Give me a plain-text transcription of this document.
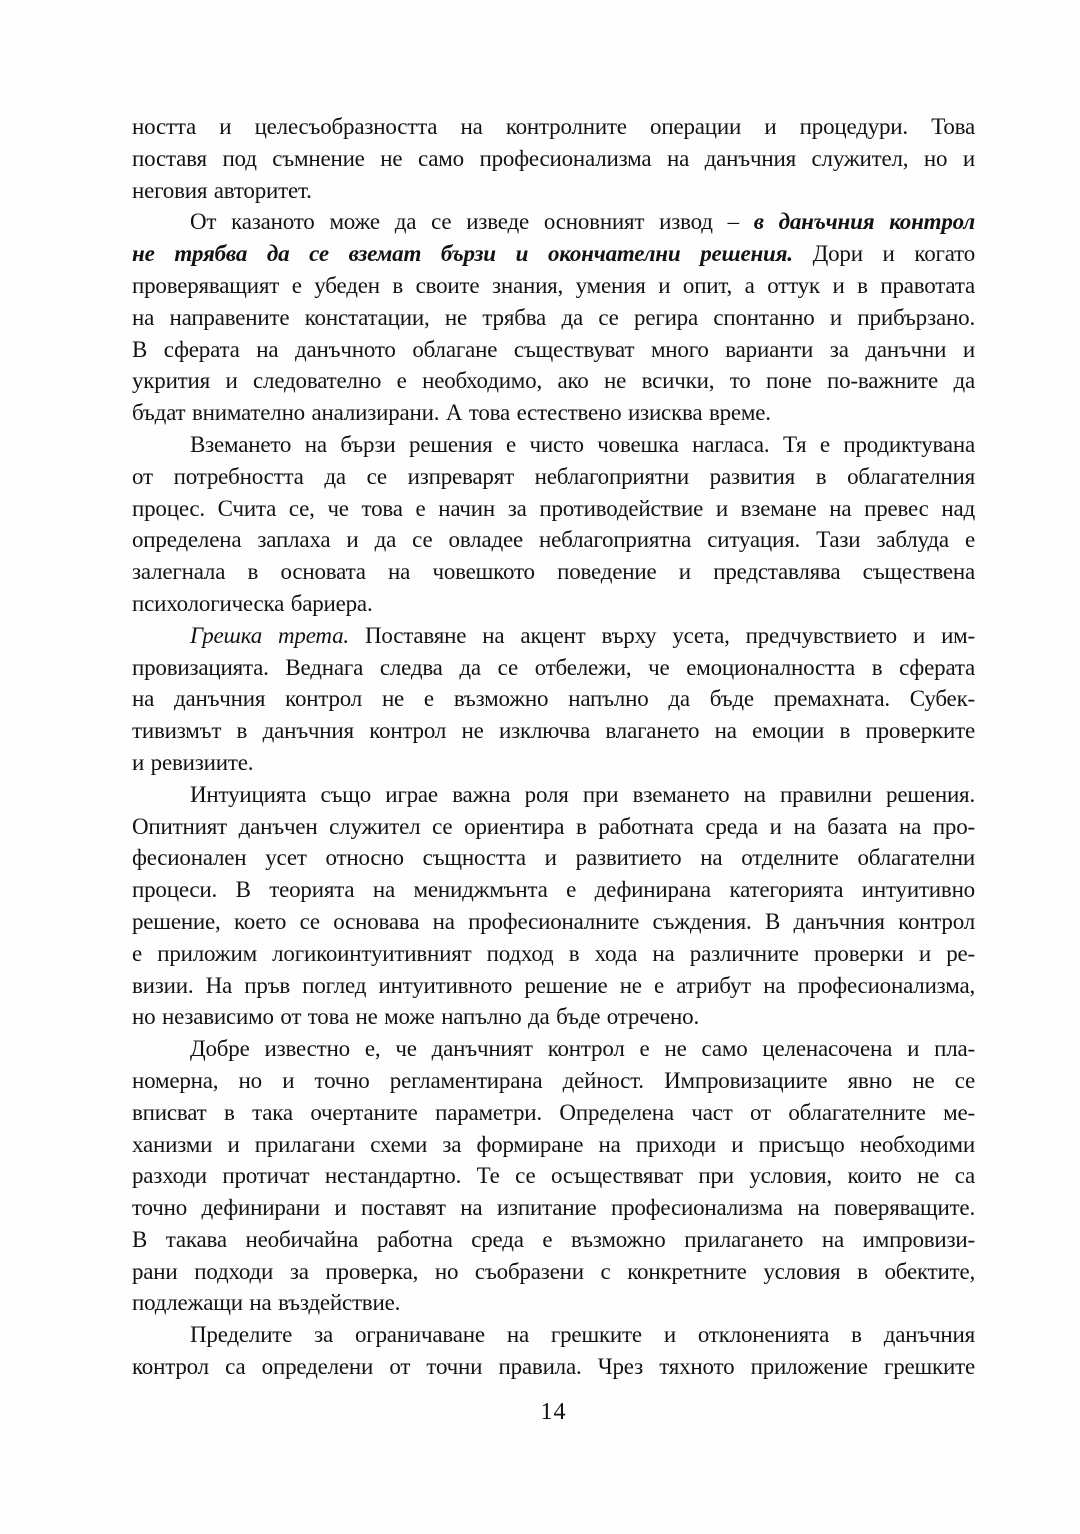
ността и целесъобразността на контролните операции и процедури. Това
поставя под съмнение не само професионализма на данъчния служител, но и
неговия авторитет.
От казаното може да се изведе основният извод – в данъчния контрол
не трябва да се вземат бързи и окончателни решения. Дори и когато
проверяващият е убеден в своите знания, умения и опит, а оттук и в правотата
на направените констатации, не трябва да се регира спонтанно и прибързано.
В сферата на данъчното облагане съществуват много варианти за данъчни и
укрития и следователно е необходимо, ако не всички, то поне по-важните да
бъдат внимателно анализирани. А това естествено изисква време.
Вземането на бързи решения е чисто човешка нагласа. Тя е продиктувана
от потребността да се изпреварят неблагоприятни развития в облагателния
процес. Счита се, че това е начин за противодействие и вземане на превес над
определена заплаха и да се овладее неблагоприятна ситуация. Тази заблуда е
залегнала в основата на човешкото поведение и представлява съществена
психологическа бариера.
Грешка трета. Поставяне на акцент върху усета, предчувствието и им-
провизацията. Веднага следва да се отбележи, че емоционалността в сферата
на данъчния контрол не е възможно напълно да бъде премахната. Субек-
тивизмът в данъчния контрол не изключва влагането на емоции в проверките
и ревизиите.
Интуицията също играе важна роля при вземането на правилни решения.
Опитният данъчен служител се ориентира в работната среда и на базата на про-
фесионален усет относно същността и развитието на отделните облагателни
процеси. В теорията на мениджмънта е дефинирана категорията интуитивно
решение, което се основава на професионалните съждения. В данъчния контрол
е приложим логикоинтуитивният подход в хода на различните проверки и ре-
визии. На пръв поглед интуитивното решение не е атрибут на професионализма,
но независимо от това не може напълно да бъде отречено.
Добре известно е, че данъчният контрол е не само целенасочена и пла-
номерна, но и точно регламентирана дейност. Импровизациите явно не се
вписват в така очертаните параметри. Определена част от облагателните ме-
ханизми и прилагани схеми за формиране на приходи и присъщо необходими
разходи протичат нестандартно. Те се осъществяват при условия, които не са
точно дефинирани и поставят на изпитание професионализма на поверяващите.
В такава необичайна работна среда е възможно прилагането на импровизи-
рани подходи за проверка, но съобразени с конкретните условия в обектите,
подлежащи на въздействие.
Пределите за ограничаване на грешките и отклоненията в данъчния
контрол са определени от точни правила. Чрез тяхното приложение грешките
14
